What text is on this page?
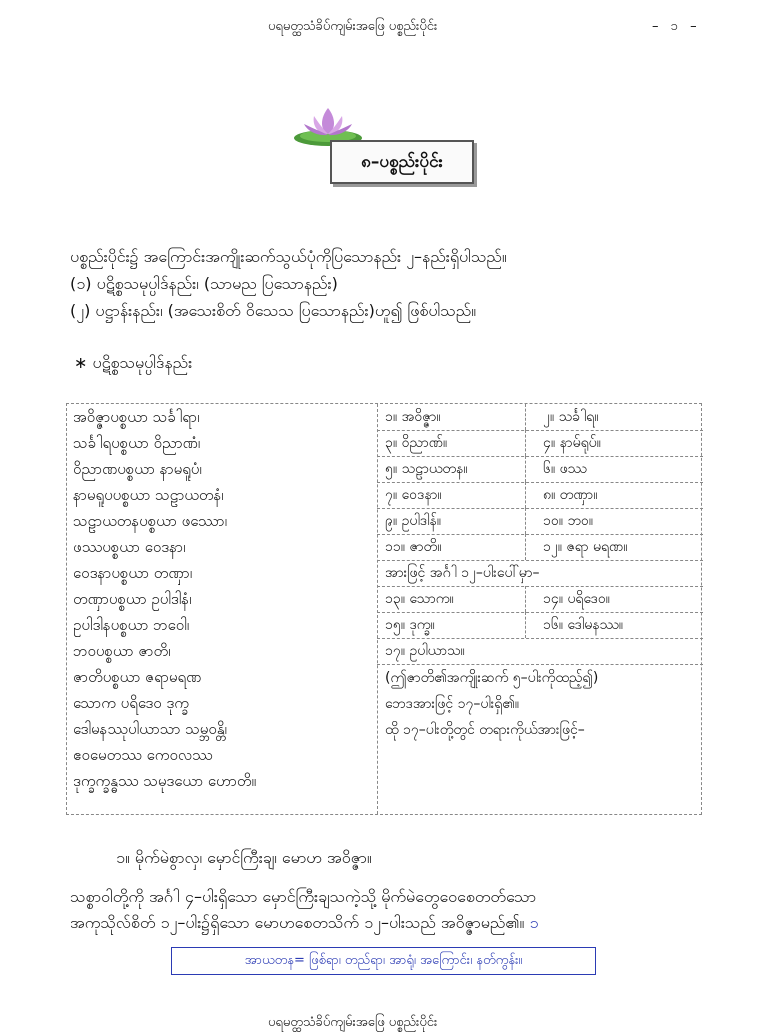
ပရမတ္ထသံခိပ်ကျမ်းအဖြေ ပစ္စည်းပိုင်း	– ၁ –
၈–ပစ္စည်းပိုင်း
ပစ္စည်းပိုင်း၌ အကြောင်းအကျိုးဆက်သွယ်ပုံကိုပြသောနည်း ၂–နည်းရှိပါသည်။
(၁) ပဋိစ္စသမုပ္ပါဒ်နည်း၊ (သာမည ပြသောနည်း)
(၂) ပဋ္ဌာန်းနည်း၊ (အသေးစိတ် ဝိသေသ ပြသောနည်း)ဟူ၍ ဖြစ်ပါသည်။
∗ ပဋိစ္စသမုပ္ပါဒ်နည်း
အဝိဇ္ဇာပစ္စယာ သင်္ခါရာ၊
သင်္ခါရပစ္စယာ ဝိညာဏံ၊
ဝိညာဏပစ္စယာ နာမရူပံ၊
နာမရူပပစ္စယာ သဠာယတနံ၊
သဠာယတနပစ္စယာ ဖဿော၊
ဖဿပစ္စယာ ဝေဒနာ၊
ဝေဒနာပစ္စယာ တဏှာ၊
တဏှာပစ္စယာ ဥပါဒါနံ၊
ဥပါဒါနပစ္စယာ ဘဝေါ၊
ဘဝပစ္စယာ ဇာတိ၊
ဇာတိပစ္စယာ ဇရာမရဏ
သောက ပရိဒေဝ ဒုက္ခ
ဒေါမနဿုပါယာသာ သမ္ဘဝန္တိ၊
ဧဝမေတဿ ကေဝလဿ
ဒုက္ခက္ခန္ဓဿ သမုဒယော ဟောတိ။
၁။ အဝိဇ္ဇာ။	၂။ သင်္ခါရ။
၃။ ဝိညာဏ်။	၄။ နာမ်ရုပ်။
၅။ သဠာယတန။	၆။ ဖဿ
၇။ ဝေဒနာ။	၈။ တဏှာ။
၉။ ဥပါဒါန်။	၁၀။ ဘဝ။
၁၁။ ဇာတိ။	၁၂။ ဇရာ မရဏ။
အားဖြင့် အင်္ဂါ ၁၂–ပါးပေါ်မှာ–
၁၃။ သောက။	၁၄။ ပရိဒေဝ။
၁၅။ ဒုက္ခ။	၁၆။ ဒေါမနဿ။
၁၇။ ဥပါယာသ။
(ဤဇာတိ၏အကျိုးဆက် ၅–ပါးကိုထည့်၍)
ဘေဒအားဖြင့် ၁၇–ပါးရှိ၏။
ထို ၁၇–ပါးတို့တွင် တရားကိုယ်အားဖြင့်–
၁။ မိုက်မဲစွာလှ၊ မှောင်ကြီးချ၊ မောဟ အဝိဇ္ဇာ။
သစ္စာဝါတို့ကို အင်္ဂါ ၄–ပါးရှိသော မှောင်ကြီးချသကဲ့သို့ မိုက်မဲတွေဝေစေတတ်သော
အကုသိုလ်စိတ် ၁၂–ပါး၌ရှိသော မောဟစေတသိက် ၁၂–ပါးသည် အဝိဇ္ဇာမည်၏။ ၁
အာယတန= ဖြစ်ရာ၊ တည်ရာ၊ အာရုံ၊ အကြောင်း၊ နတ်ကွန်း။
ပရမတ္ထသံခိပ်ကျမ်းအဖြေ ပစ္စည်းပိုင်း
